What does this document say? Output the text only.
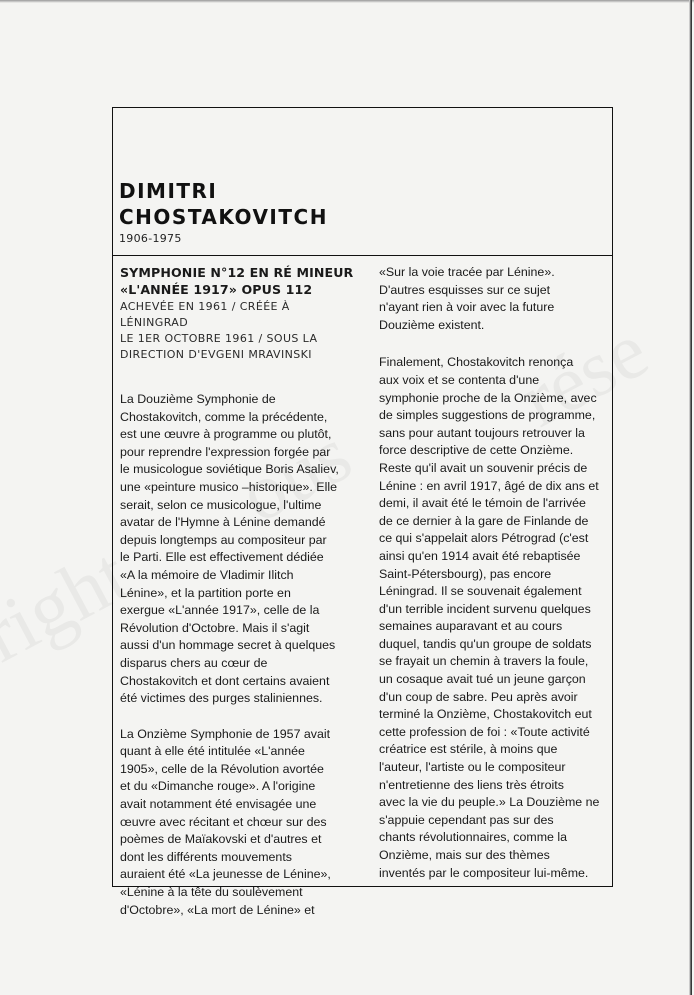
DIMITRI

CHOSTAKOVITCH

1906-1975

SYMPHONIE N°12 EN RÉ MINEUR

«L'ANNÉE 1917» OPUS 112

ACHEVÉE EN 1961 / CRÉÉE À LÉNINGRAD
LE 1ER OCTOBRE 1961 / SOUS LA
DIRECTION D'EVGENI MRAVINSKI
La Douzième Symphonie de
Chostakovitch, comme la précédente,
est une œuvre à programme ou plutôt,
pour reprendre l'expression forgée par
le musicologue soviétique Boris Asaliev,
une «peinture musico –historique». Elle
serait, selon ce musicologue, l'ultime
avatar de l'Hymne à Lénine demandé
depuis longtemps au compositeur par
le Parti. Elle est effectivement dédiée
«A la mémoire de Vladimir Ilitch
Lénine», et la partition porte en
exergue «L'année 1917», celle de la
Révolution d'Octobre. Mais il s'agit
aussi d'un hommage secret à quelques
disparus chers au cœur de
Chostakovitch et dont certains avaient
été victimes des purges staliniennes.
La Onzième Symphonie de 1957 avait
quant à elle été intitulée «L'année
1905», celle de la Révolution avortée
et du «Dimanche rouge». A l'origine
avait notamment été envisagée une
œuvre avec récitant et chœur sur des
poèmes de Maïakovski et d'autres et
dont les différents mouvements
auraient été «La jeunesse de Lénine»,
«Lénine à la tête du soulèvement
d'Octobre», «La mort de Lénine» et
«Sur la voie tracée par Lénine».
D'autres esquisses sur ce sujet
n'ayant rien à voir avec la future
Douzième existent.
Finalement, Chostakovitch renonça
aux voix et se contenta d'une
symphonie proche de la Onzième, avec
de simples suggestions de programme,
sans pour autant toujours retrouver la
force descriptive de cette Onzième.
Reste qu'il avait un souvenir précis de
Lénine : en avril 1917, âgé de dix ans et
demi, il avait été le témoin de l'arrivée
de ce dernier à la gare de Finlande de
ce qui s'appelait alors Pétrograd (c'est
ainsi qu'en 1914 avait été rebaptisée
Saint-Pétersbourg), pas encore
Léningrad. Il se souvenait également
d'un terrible incident survenu quelques
semaines auparavant et au cours
duquel, tandis qu'un groupe de soldats
se frayait un chemin à travers la foule,
un cosaque avait tué un jeune garçon
d'un coup de sabre. Peu après avoir
terminé la Onzième, Chostakovitch eut
cette profession de foi : «Toute activité
créatrice est stérile, à moins que
l'auteur, l'artiste ou le compositeur
n'entretienne des liens très étroits
avec la vie du peuple.» La Douzième ne
s'appuie cependant pas sur des
chants révolutionnaires, comme la
Onzième, mais sur des thèmes
inventés par le compositeur lui-même.
